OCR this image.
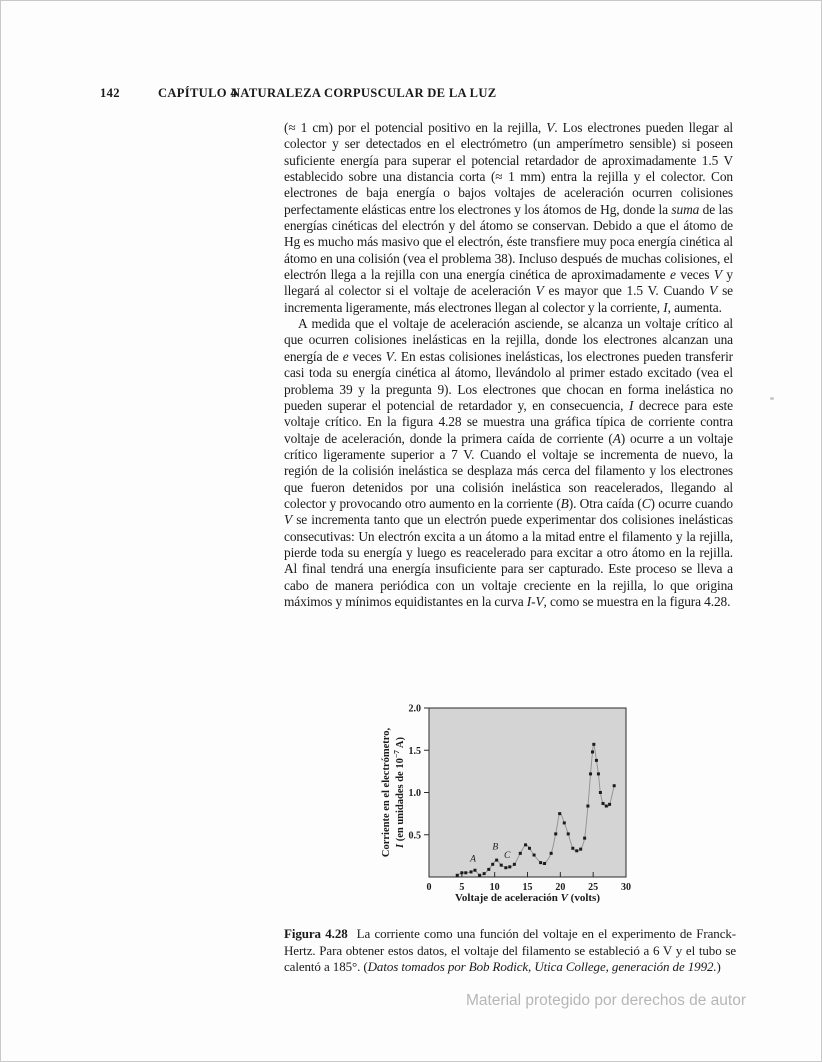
142	CAPÍTULO 4
NATURALEZA CORPUSCULAR DE LA LUZ

(≈ 1 cm) por el potencial positivo en la rejilla, V. Los electrones pueden llegar al colector y ser detectados en el electrómetro (un amperímetro sensible) si poseen suficiente energía para superar el potencial retardador de aproximadamente 1.5 V establecido sobre una distancia corta (≈ 1 mm) entra la rejilla y el colector. Con electrones de baja energía o bajos voltajes de aceleración ocurren colisiones perfectamente elásticas entre los electrones y los átomos de Hg, donde la suma de las energías cinéticas del electrón y del átomo se conservan. Debido a que el átomo de Hg es mucho más masivo que el electrón, éste transfiere muy poca energía cinética al átomo en una colisión (vea el problema 38). Incluso después de muchas colisiones, el electrón llega a la rejilla con una energía cinética de aproximadamente e veces V y llegará al colector si el voltaje de aceleración V es mayor que 1.5 V. Cuando V se incrementa ligeramente, más electrones llegan al colector y la corriente, I, aumenta.

A medida que el voltaje de aceleración asciende, se alcanza un voltaje crítico al que ocurren colisiones inelásticas en la rejilla, donde los electrones alcanzan una energía de e veces V. En estas colisiones inelásticas, los electrones pueden transferir casi toda su energía cinética al átomo, llevándolo al primer estado excitado (vea el problema 39 y la pregunta 9). Los electrones que chocan en forma inelástica no pueden superar el potencial de retardador y, en consecuencia, I decrece para este voltaje crítico. En la figura 4.28 se muestra una gráfica típica de corriente contra voltaje de aceleración, donde la primera caída de corriente (A) ocurre a un voltaje crítico ligeramente superior a 7 V. Cuando el voltaje se incrementa de nuevo, la región de la colisión inelástica se desplaza más cerca del filamento y los electrones que fueron detenidos por una colisión inelástica son reacelerados, llegando al colector y provocando otro aumento en la corriente (B). Otra caída (C) ocurre cuando V se incrementa tanto que un electrón puede experimentar dos colisiones inelásticas consecutivas: Un electrón excita a un átomo a la mitad entre el filamento y la rejilla, pierde toda su energía y luego es reacelerado para excitar a otro átomo en la rejilla. Al final tendrá una energía insuficiente para ser capturado. Este proceso se lleva a cabo de manera periódica con un voltaje creciente en la rejilla, lo que origina máximos y mínimos equidistantes en la curva I-V, como se muestra en la figura 4.28.

0	5	10 15 20 25 30
0.5
1.0
1.5
2.0
A
B
C
Voltaje de aceleración V (volts)
Corriente en el electrómetro, I (en unidades de $10^{-7}$ A)

Figura 4.28 La corriente como una función del voltaje en el experimento de Franck-Hertz. Para obtener estos datos, el voltaje del filamento se estableció a 6 V y el tubo se calentó a 185°. (Datos tomados por Bob Rodick, Utica College, generación de 1992.)

Material protegido por derechos de autor
